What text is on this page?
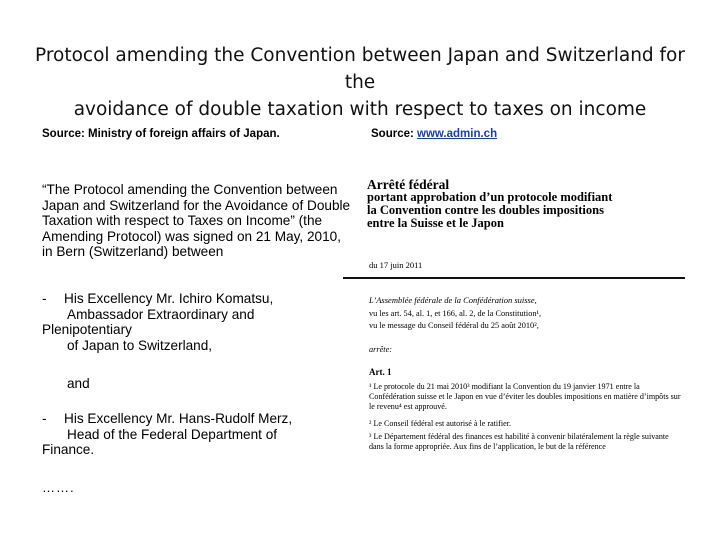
Protocol amending the Convention between Japan and Switzerland for the
avoidance of double taxation with respect to taxes on income
Source: Ministry of foreign affairs of Japan.	Source: www.admin.ch

“The Protocol amending the Convention between Japan and Switzerland for the Avoidance of Double Taxation with respect to Taxes on Income” (the Amending Protocol) was signed on 21 May, 2010, in Bern (Switzerland) between

- His Excellency Mr. Ichiro Komatsu,
Ambassador Extraordinary and
Plenipotentiary
of Japan to Switzerland,
and
- His Excellency Mr. Hans-Rudolf Merz,
Head of the Federal Department of
Finance.
…….
Arrêté fédéral
portant approbation d’un protocole modifiant
la Convention contre les doubles impositions
entre la Suisse et le Japon
du 17 juin 2011
L’Assemblée fédérale de la Confédération suisse,
vu les art. 54, al. 1, et 166, al. 2, de la Constitution¹,
vu le message du Conseil fédéral du 25 août 2010²,
arrête:
Art. 1
¹ Le protocole du 21 mai 2010³ modifiant la Convention du 19 janvier 1971 entre la Confédération suisse et le Japon en vue d’éviter les doubles impositions en matière d’impôts sur le revenu⁴ est approuvé.
² Le Conseil fédéral est autorisé à le ratifier.
³ Le Département fédéral des finances est habilité à convenir bilatéralement la règle suivante dans la forme appropriée. Aux fins de l’application, le but de la référence
